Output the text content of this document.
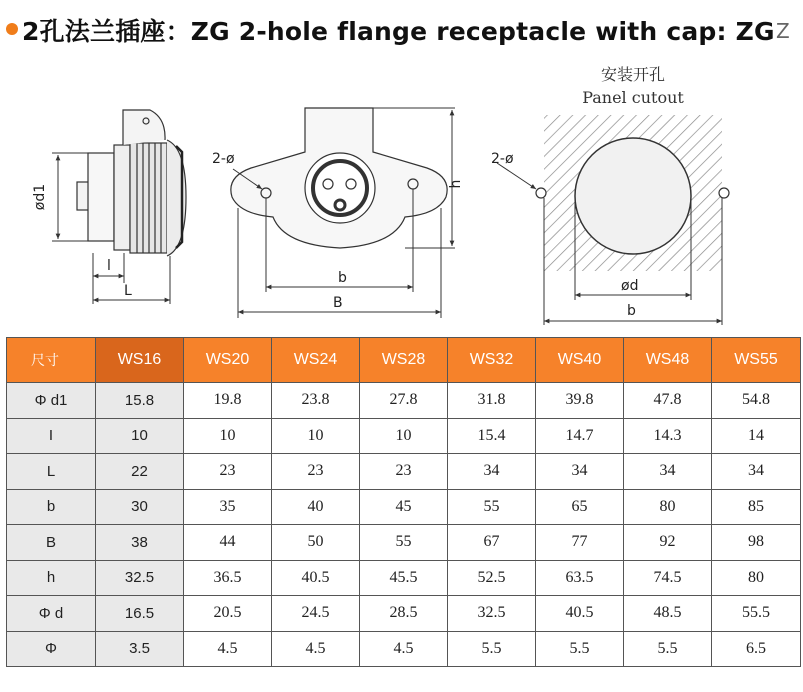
2孔法兰插座：ZG 2-hole flange receptacle with cap: ZG
ød1
l
L
2-ø
h
b
B
安装开孔
Panel cutout
Z
2-ø
ød
b
尺寸	WS16	WS20	WS24	WS28	WS32	WS40	WS48	WS55
Φ d1	15.8	19.8	23.8	27.8	31.8	39.8	47.8	54.8
I	10	10	10	10	15.4	14.7	14.3	14
L	22	23	23	23	34	34	34	34
b	30	35	40	45	55	65	80	85
B	38	44	50	55	67	77	92	98
h	32.5	36.5	40.5	45.5	52.5	63.5	74.5	80
Φ d	16.5	20.5	24.5	28.5	32.5	40.5	48.5	55.5
Φ	3.5	4.5	4.5	4.5	5.5	5.5	5.5	6.5
